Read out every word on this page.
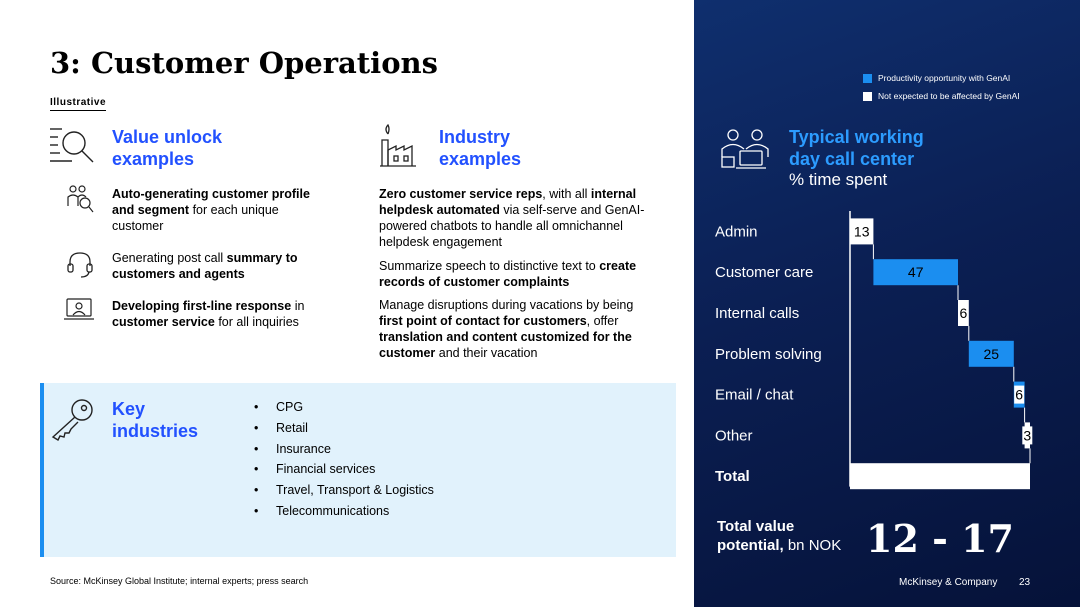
3: Customer Operations
Illustrative
Value unlock
examples
Auto-generating customer profile
and segment for each unique
customer
Generating post call summary to
customers and agents
Developing first-line response in
customer service for all inquiries
Industry
examples
Zero customer service reps, with all internal
helpdesk automated via self-serve and GenAI-
powered chatbots to handle all omnichannel
helpdesk engagement
Summarize speech to distinctive text to create
records of customer complaints
Manage disruptions during vacations by being
first point of contact for customers, offer
translation and content customized for the
customer and their vacation
Key
industries
• CPG
• Retail
• Insurance
• Financial services
• Travel, Transport & Logistics
• Telecommunications
Source: McKinsey Global Institute; internal experts; press search
Productivity opportunity with GenAI
Not expected to be affected by GenAI
Typical working
day call center
% time spent
Admin	13
Customer care	47
Internal calls	6
Problem solving	25
Email / chat	6
Other	3
Total
Total value
potential, bn NOK 12 - 17
McKinsey & Company 23
